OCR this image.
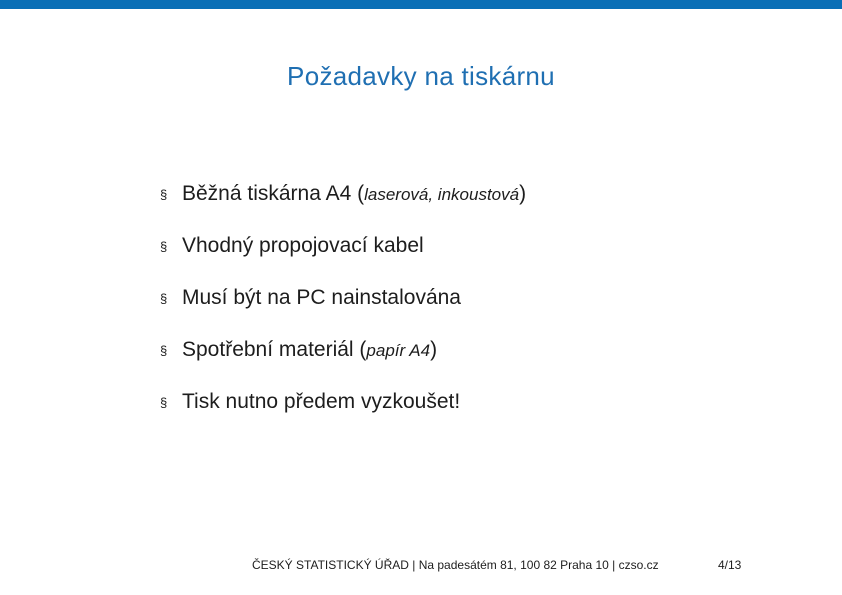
Požadavky na tiskárnu
§ Běžná tiskárna A4 (laserová, inkoustová)
§ Vhodný propojovací kabel
§ Musí být na PC nainstalována
§ Spotřební materiál (papír A4)
§ Tisk nutno předem vyzkoušet!
ČESKÝ STATISTICKÝ ÚŘAD | Na padesátém 81, 100 82 Praha 10 | czso.cz	4/13
